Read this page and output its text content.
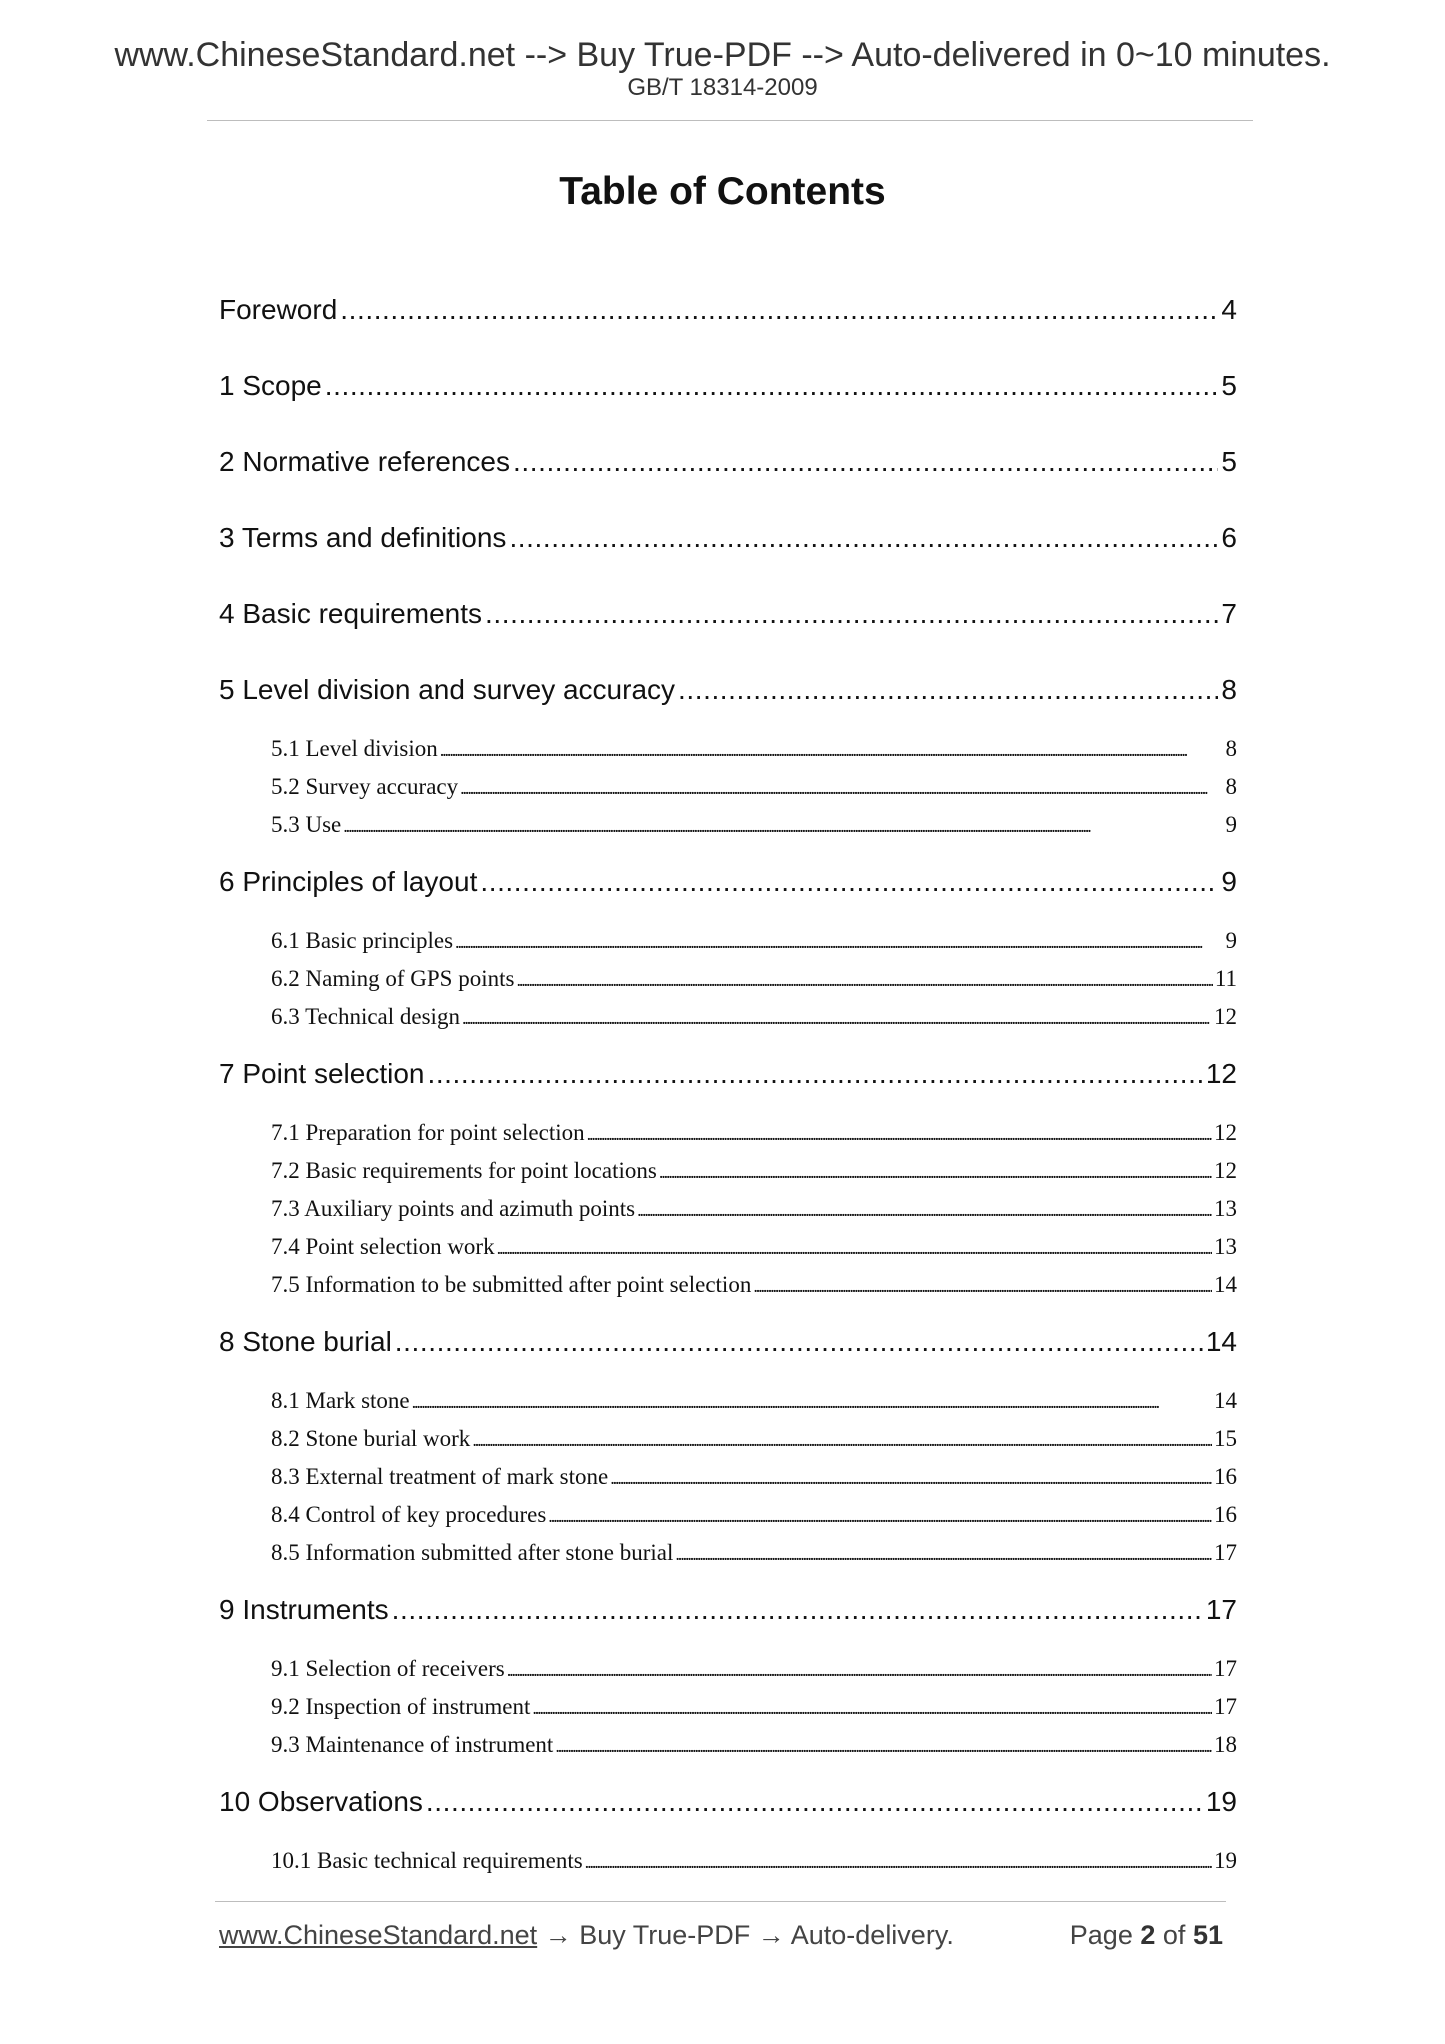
www.ChineseStandard.net --> Buy True-PDF --> Auto-delivered in 0~10 minutes.
GB/T 18314-2009
Table of Contents
Foreword . . .	4
1 Scope . . .	5
2 Normative references . . .	5
3 Terms and definitions . . .	6
4 Basic requirements . . .	7
5 Level division and survey accuracy . . .	8
5.1 Level division . . .	8
5.2 Survey accuracy . . .	8
5.3 Use . . .	9
6 Principles of layout . . .	9
6.1 Basic principles . . .	9
6.2 Naming of GPS points . . .	11
6.3 Technical design . . .	12
7 Point selection . . .	12
7.1 Preparation for point selection . . .	12
7.2 Basic requirements for point locations . . .	12
7.3 Auxiliary points and azimuth points . . .	13
7.4 Point selection work . . .	13
7.5 Information to be submitted after point selection . . .	14
8 Stone burial . . .	14
8.1 Mark stone . . .	14
8.2 Stone burial work . . .	15
8.3 External treatment of mark stone . . .	16
8.4 Control of key procedures . . .	16
8.5 Information submitted after stone burial . . .	17
9 Instruments . . .	17
9.1 Selection of receivers . . .	17
9.2 Inspection of instrument . . .	17
9.3 Maintenance of instrument . . .	18
10 Observations . . .	19
10.1 Basic technical requirements . . .	19
www.ChineseStandard.net → Buy True-PDF → Auto-delivery.	Page 2 of 51
